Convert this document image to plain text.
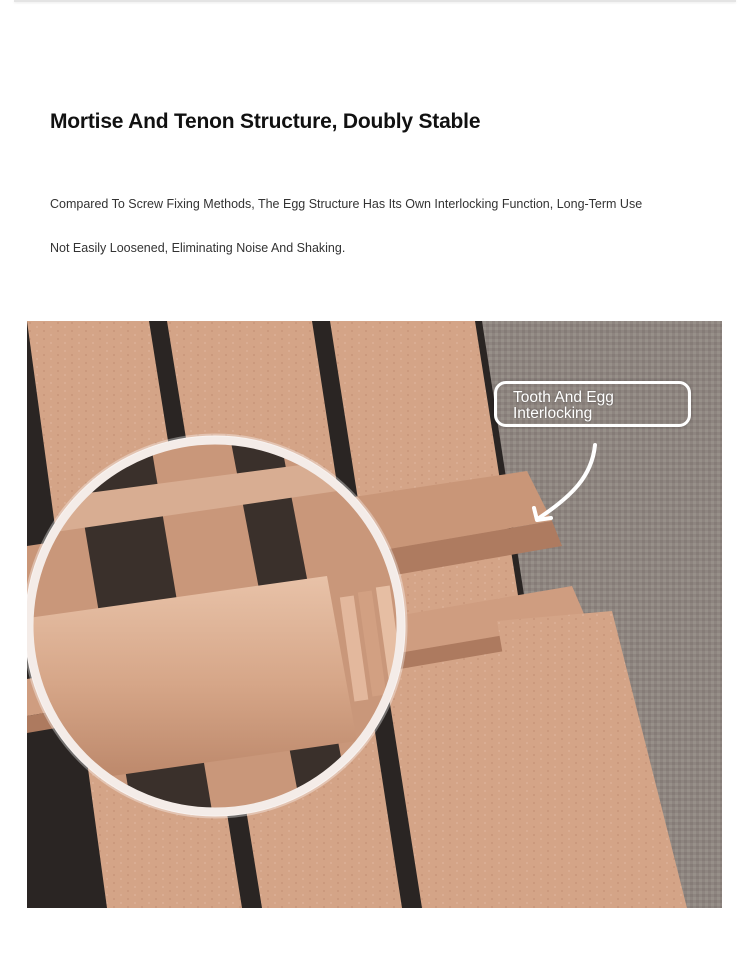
Mortise And Tenon Structure, Doubly Stable

Compared To Screw Fixing Methods, The Egg Structure Has Its Own Interlocking Function, Long-Term Use

Not Easily Loosened, Eliminating Noise And Shaking.

Tooth And Egg
Interlocking
